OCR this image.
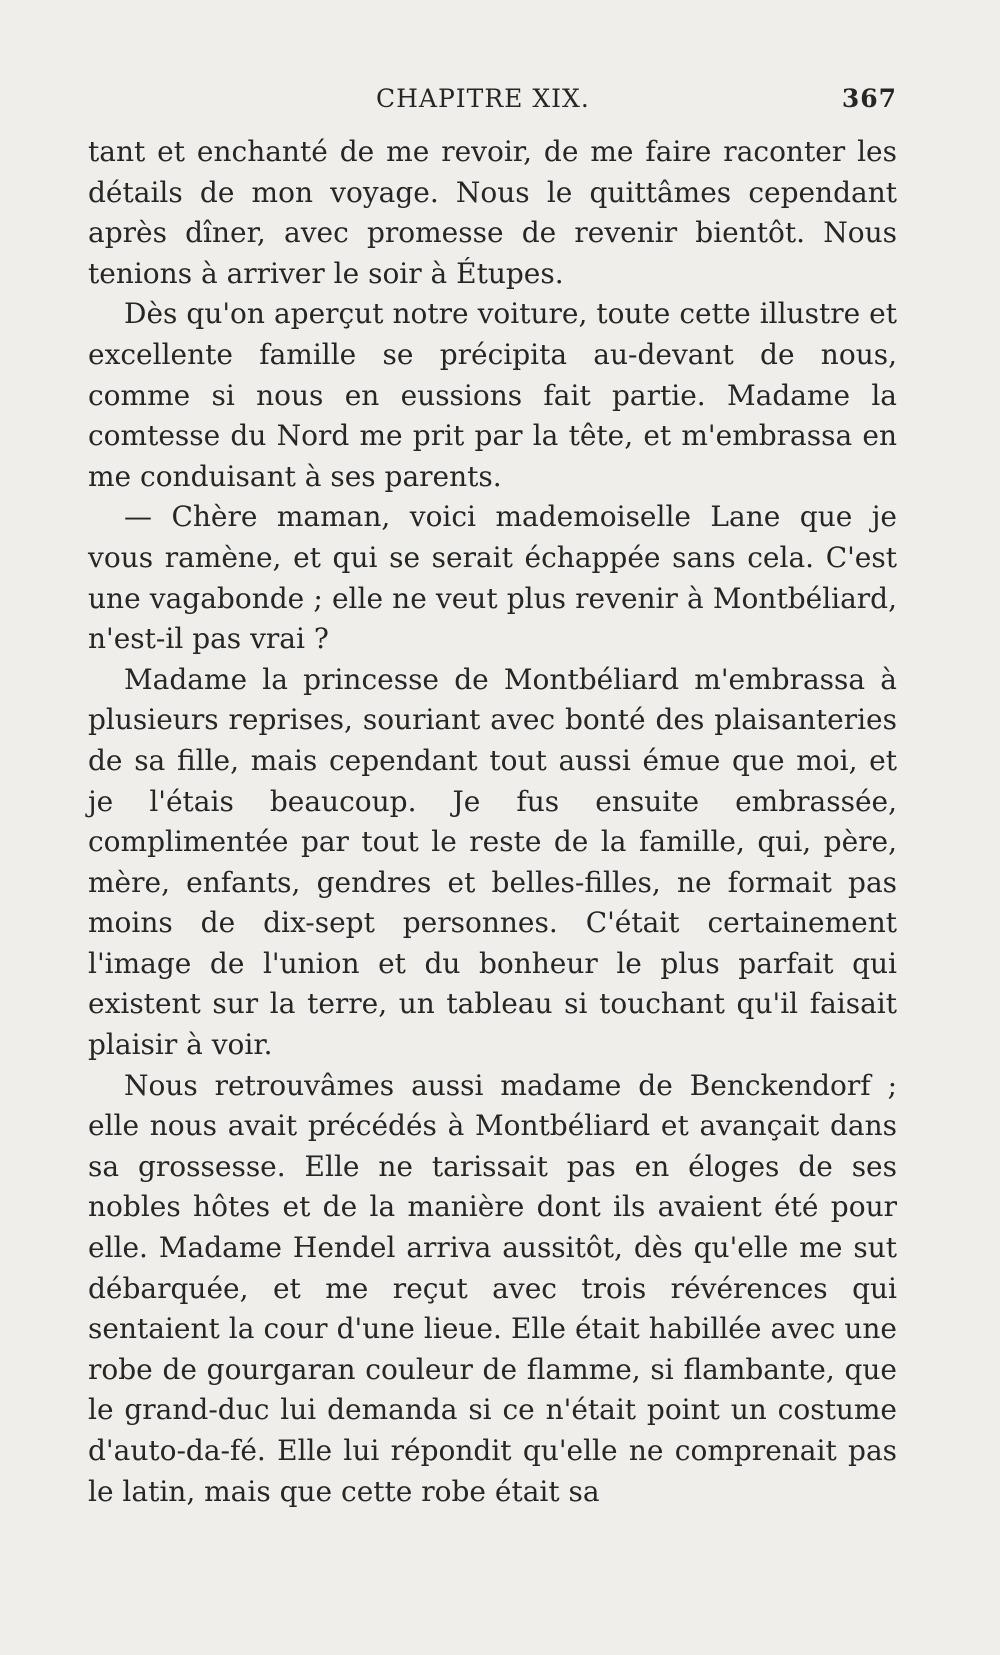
CHAPITRE XIX.	367

tant et enchanté de me revoir, de me faire raconter les détails de mon voyage. Nous le quittâmes cependant après dîner, avec promesse de revenir bientôt. Nous tenions à arriver le soir à Étupes.

Dès qu'on aperçut notre voiture, toute cette illustre et excellente famille se précipita au-devant de nous, comme si nous en eussions fait partie. Madame la comtesse du Nord me prit par la tête, et m'embrassa en me conduisant à ses parents.

— Chère maman, voici mademoiselle Lane que je vous ramène, et qui se serait échappée sans cela. C'est une vagabonde ; elle ne veut plus revenir à Montbéliard, n'est-il pas vrai ?

Madame la princesse de Montbéliard m'embrassa à plusieurs reprises, souriant avec bonté des plaisanteries de sa fille, mais cependant tout aussi émue que moi, et je l'étais beaucoup. Je fus ensuite embrassée, complimentée par tout le reste de la famille, qui, père, mère, enfants, gendres et belles-filles, ne formait pas moins de dix-sept personnes. C'était certainement l'image de l'union et du bonheur le plus parfait qui existent sur la terre, un tableau si touchant qu'il faisait plaisir à voir.

Nous retrouvâmes aussi madame de Benckendorf ; elle nous avait précédés à Montbéliard et avançait dans sa grossesse. Elle ne tarissait pas en éloges de ses nobles hôtes et de la manière dont ils avaient été pour elle. Madame Hendel arriva aussitôt, dès qu'elle me sut débarquée, et me reçut avec trois révérences qui sentaient la cour d'une lieue. Elle était habillée avec une robe de gourgaran couleur de flamme, si flambante, que le grand-duc lui demanda si ce n'était point un costume d'auto-da-fé. Elle lui répondit qu'elle ne comprenait pas le latin, mais que cette robe était sa
